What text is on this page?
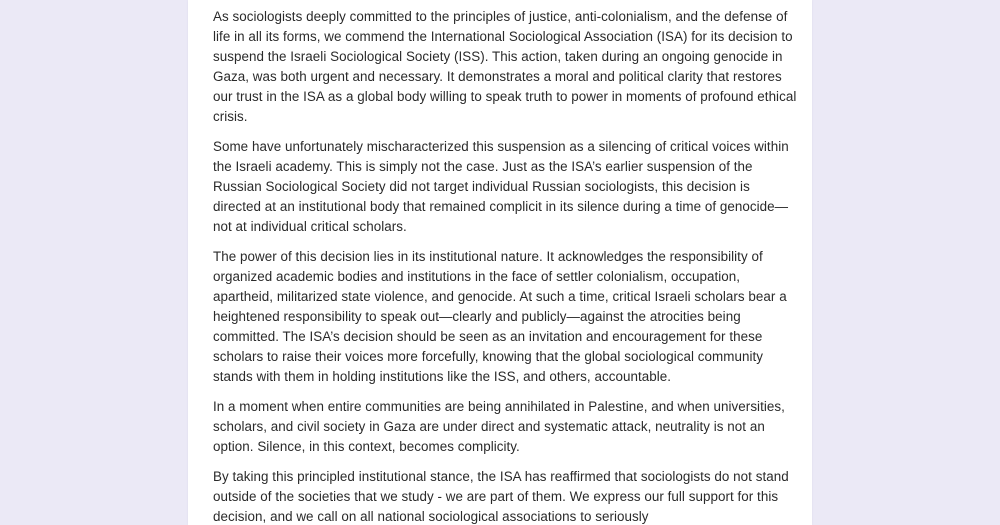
As sociologists deeply committed to the principles of justice, anti-colonialism, and the defense of life in all its forms, we commend the International Sociological Association (ISA) for its decision to suspend the Israeli Sociological Society (ISS). This action, taken during an ongoing genocide in Gaza, was both urgent and necessary. It demonstrates a moral and political clarity that restores our trust in the ISA as a global body willing to speak truth to power in moments of profound ethical crisis.

Some have unfortunately mischaracterized this suspension as a silencing of critical voices within the Israeli academy. This is simply not the case. Just as the ISA’s earlier suspension of the Russian Sociological Society did not target individual Russian sociologists, this decision is directed at an institutional body that remained complicit in its silence during a time of genocide—not at individual critical scholars.

The power of this decision lies in its institutional nature. It acknowledges the responsibility of organized academic bodies and institutions in the face of settler colonialism, occupation, apartheid, militarized state violence, and genocide. At such a time, critical Israeli scholars bear a heightened responsibility to speak out—clearly and publicly—against the atrocities being committed. The ISA’s decision should be seen as an invitation and encouragement for these scholars to raise their voices more forcefully, knowing that the global sociological community stands with them in holding institutions like the ISS, and others, accountable.

In a moment when entire communities are being annihilated in Palestine, and when universities, scholars, and civil society in Gaza are under direct and systematic attack, neutrality is not an option. Silence, in this context, becomes complicity.

By taking this principled institutional stance, the ISA has reaffirmed that sociologists do not stand outside of the societies that we study - we are part of them. We express our full support for this decision, and we call on all national sociological associations to seriously
